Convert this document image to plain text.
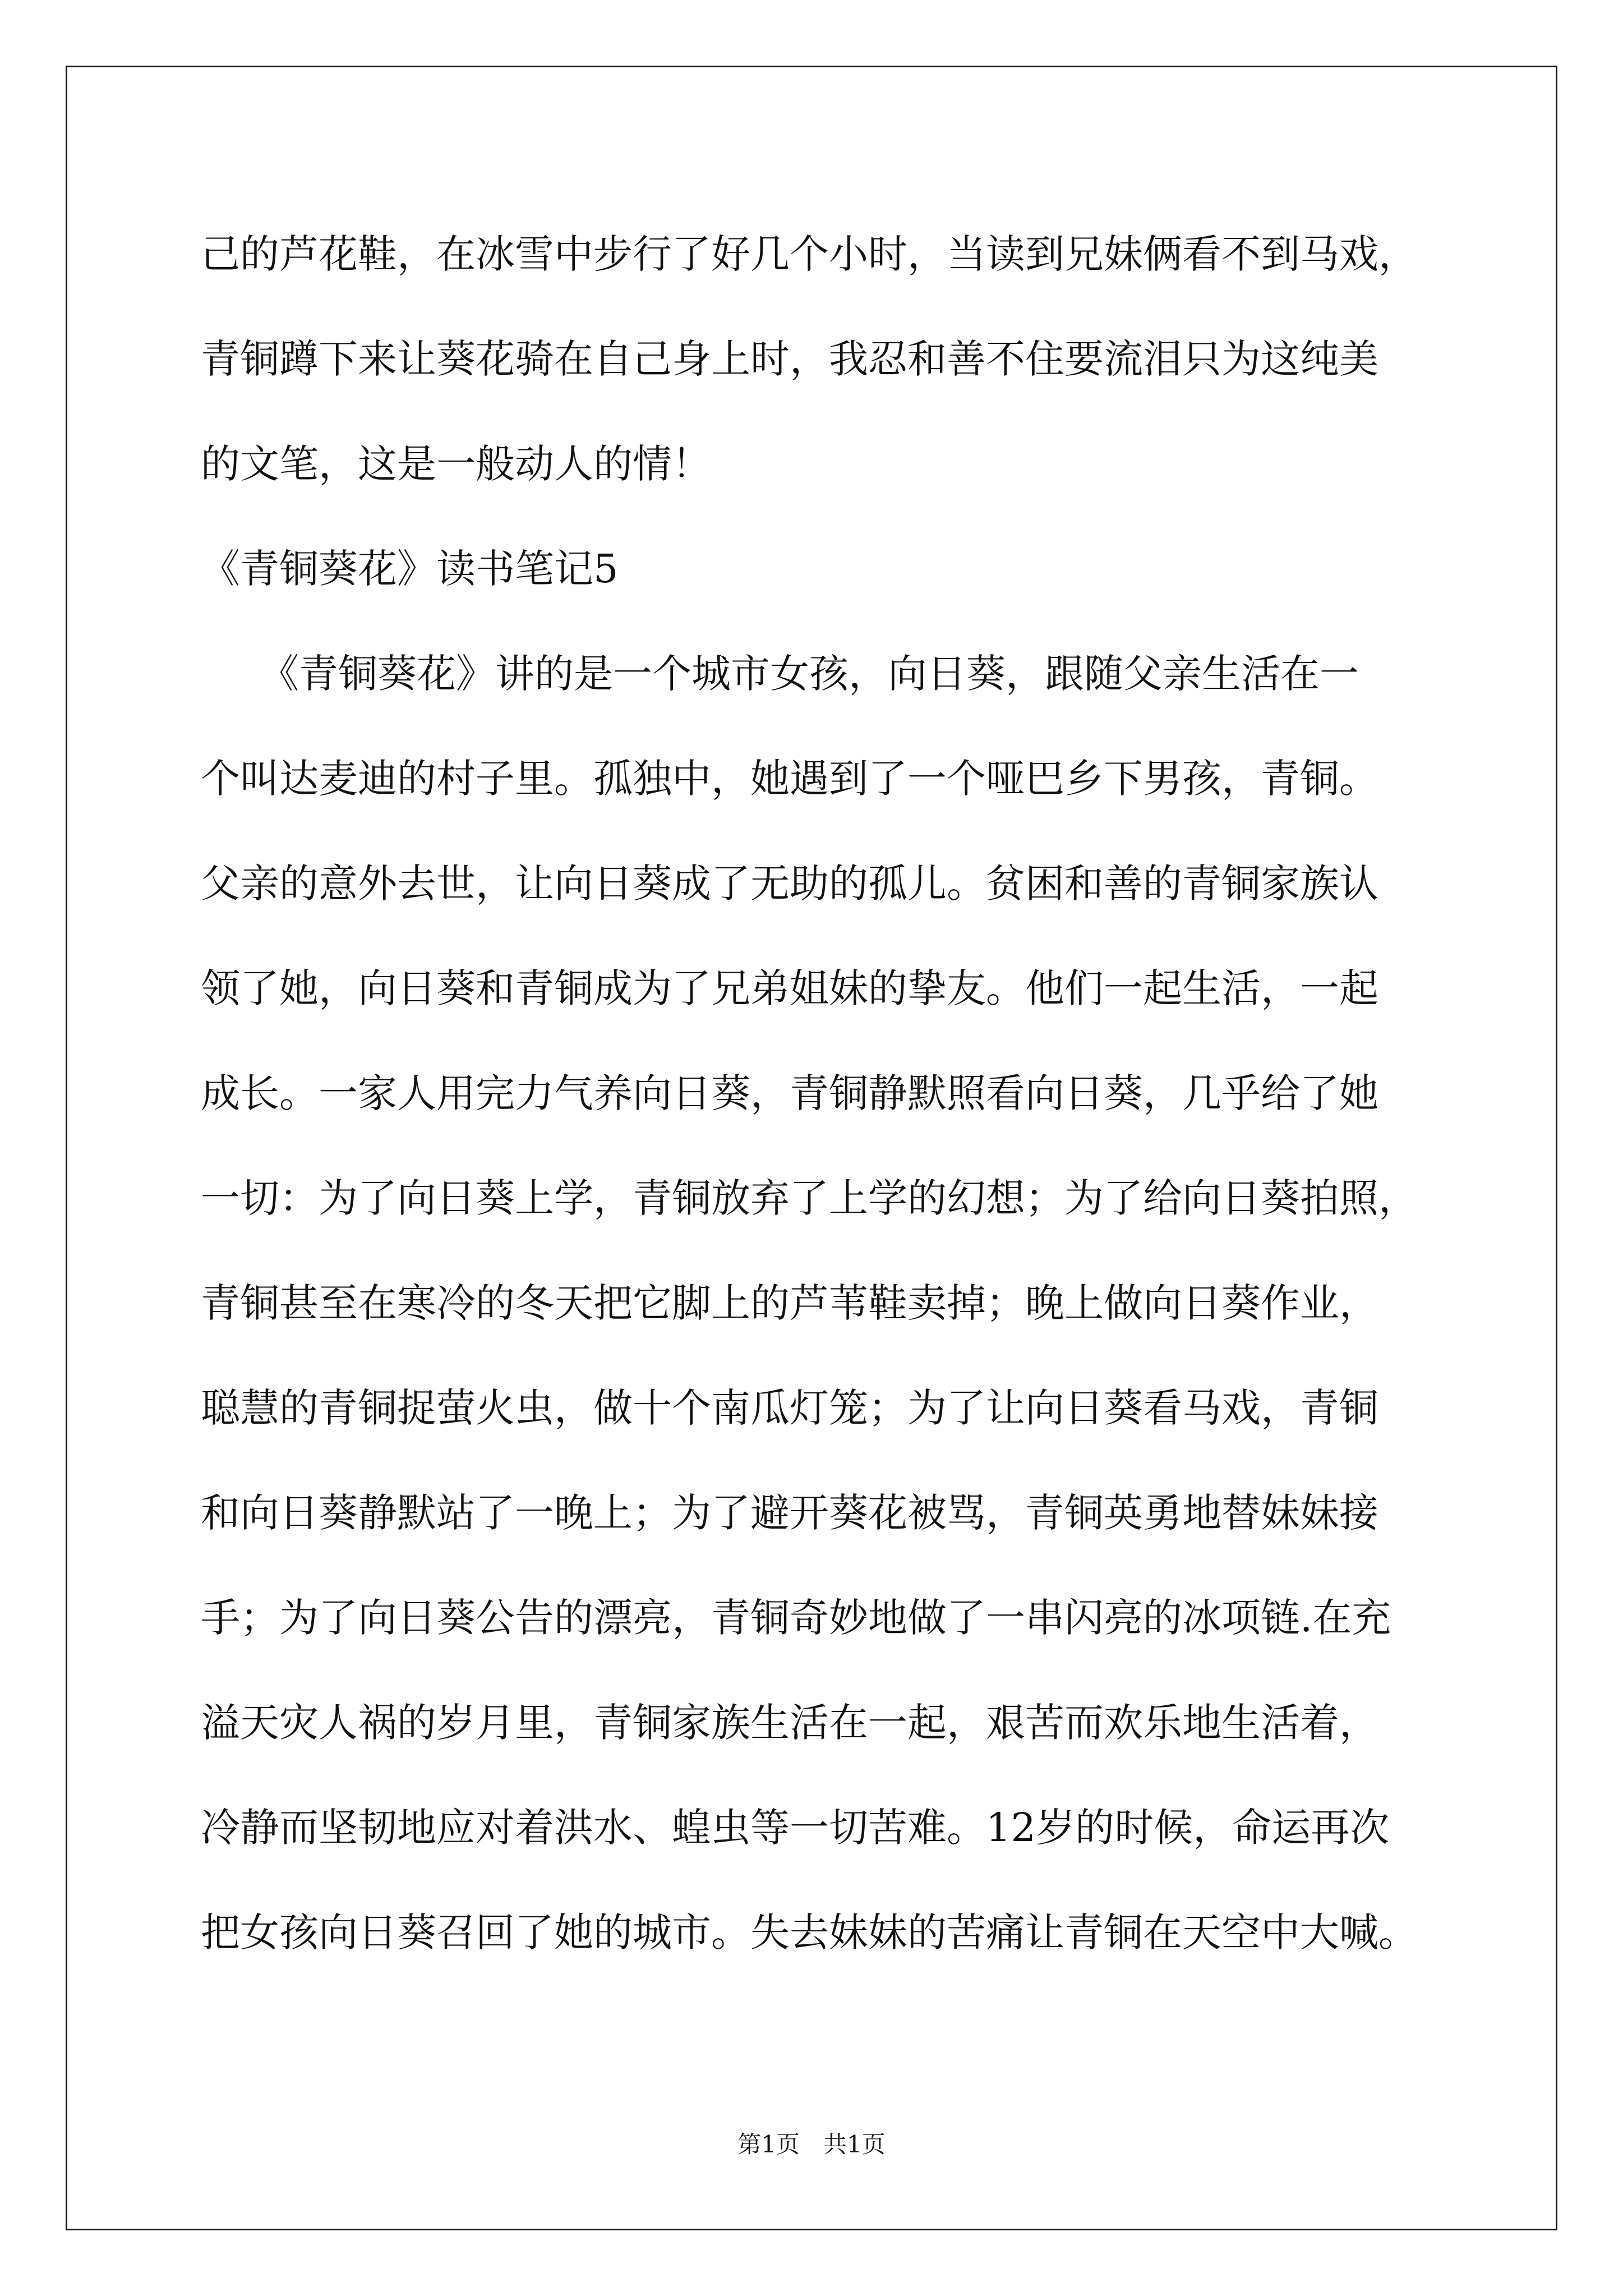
己的芦花鞋，在冰雪中步行了好几个小时，当读到兄妹俩看不到马戏，
青铜蹲下来让葵花骑在自己身上时，我忍和善不住要流泪只为这纯美
的文笔，这是一般动人的情！
《青铜葵花》读书笔记5
　　《青铜葵花》讲的是一个城市女孩，向日葵，跟随父亲生活在一
个叫达麦迪的村子里。孤独中，她遇到了一个哑巴乡下男孩，青铜。
父亲的意外去世，让向日葵成了无助的孤儿。贫困和善的青铜家族认
领了她，向日葵和青铜成为了兄弟姐妹的挚友。他们一起生活，一起
成长。一家人用完力气养向日葵，青铜静默照看向日葵，几乎给了她
一切：为了向日葵上学，青铜放弃了上学的幻想；为了给向日葵拍照，
青铜甚至在寒冷的冬天把它脚上的芦苇鞋卖掉；晚上做向日葵作业，
聪慧的青铜捉萤火虫，做十个南瓜灯笼；为了让向日葵看马戏，青铜
和向日葵静默站了一晚上；为了避开葵花被骂，青铜英勇地替妹妹接
手；为了向日葵公告的漂亮，青铜奇妙地做了一串闪亮的冰项链.在充
溢天灾人祸的岁月里，青铜家族生活在一起，艰苦而欢乐地生活着，
冷静而坚韧地应对着洪水、蝗虫等一切苦难。12岁的时候，命运再次
把女孩向日葵召回了她的城市。失去妹妹的苦痛让青铜在天空中大喊。
第1页　共1页
